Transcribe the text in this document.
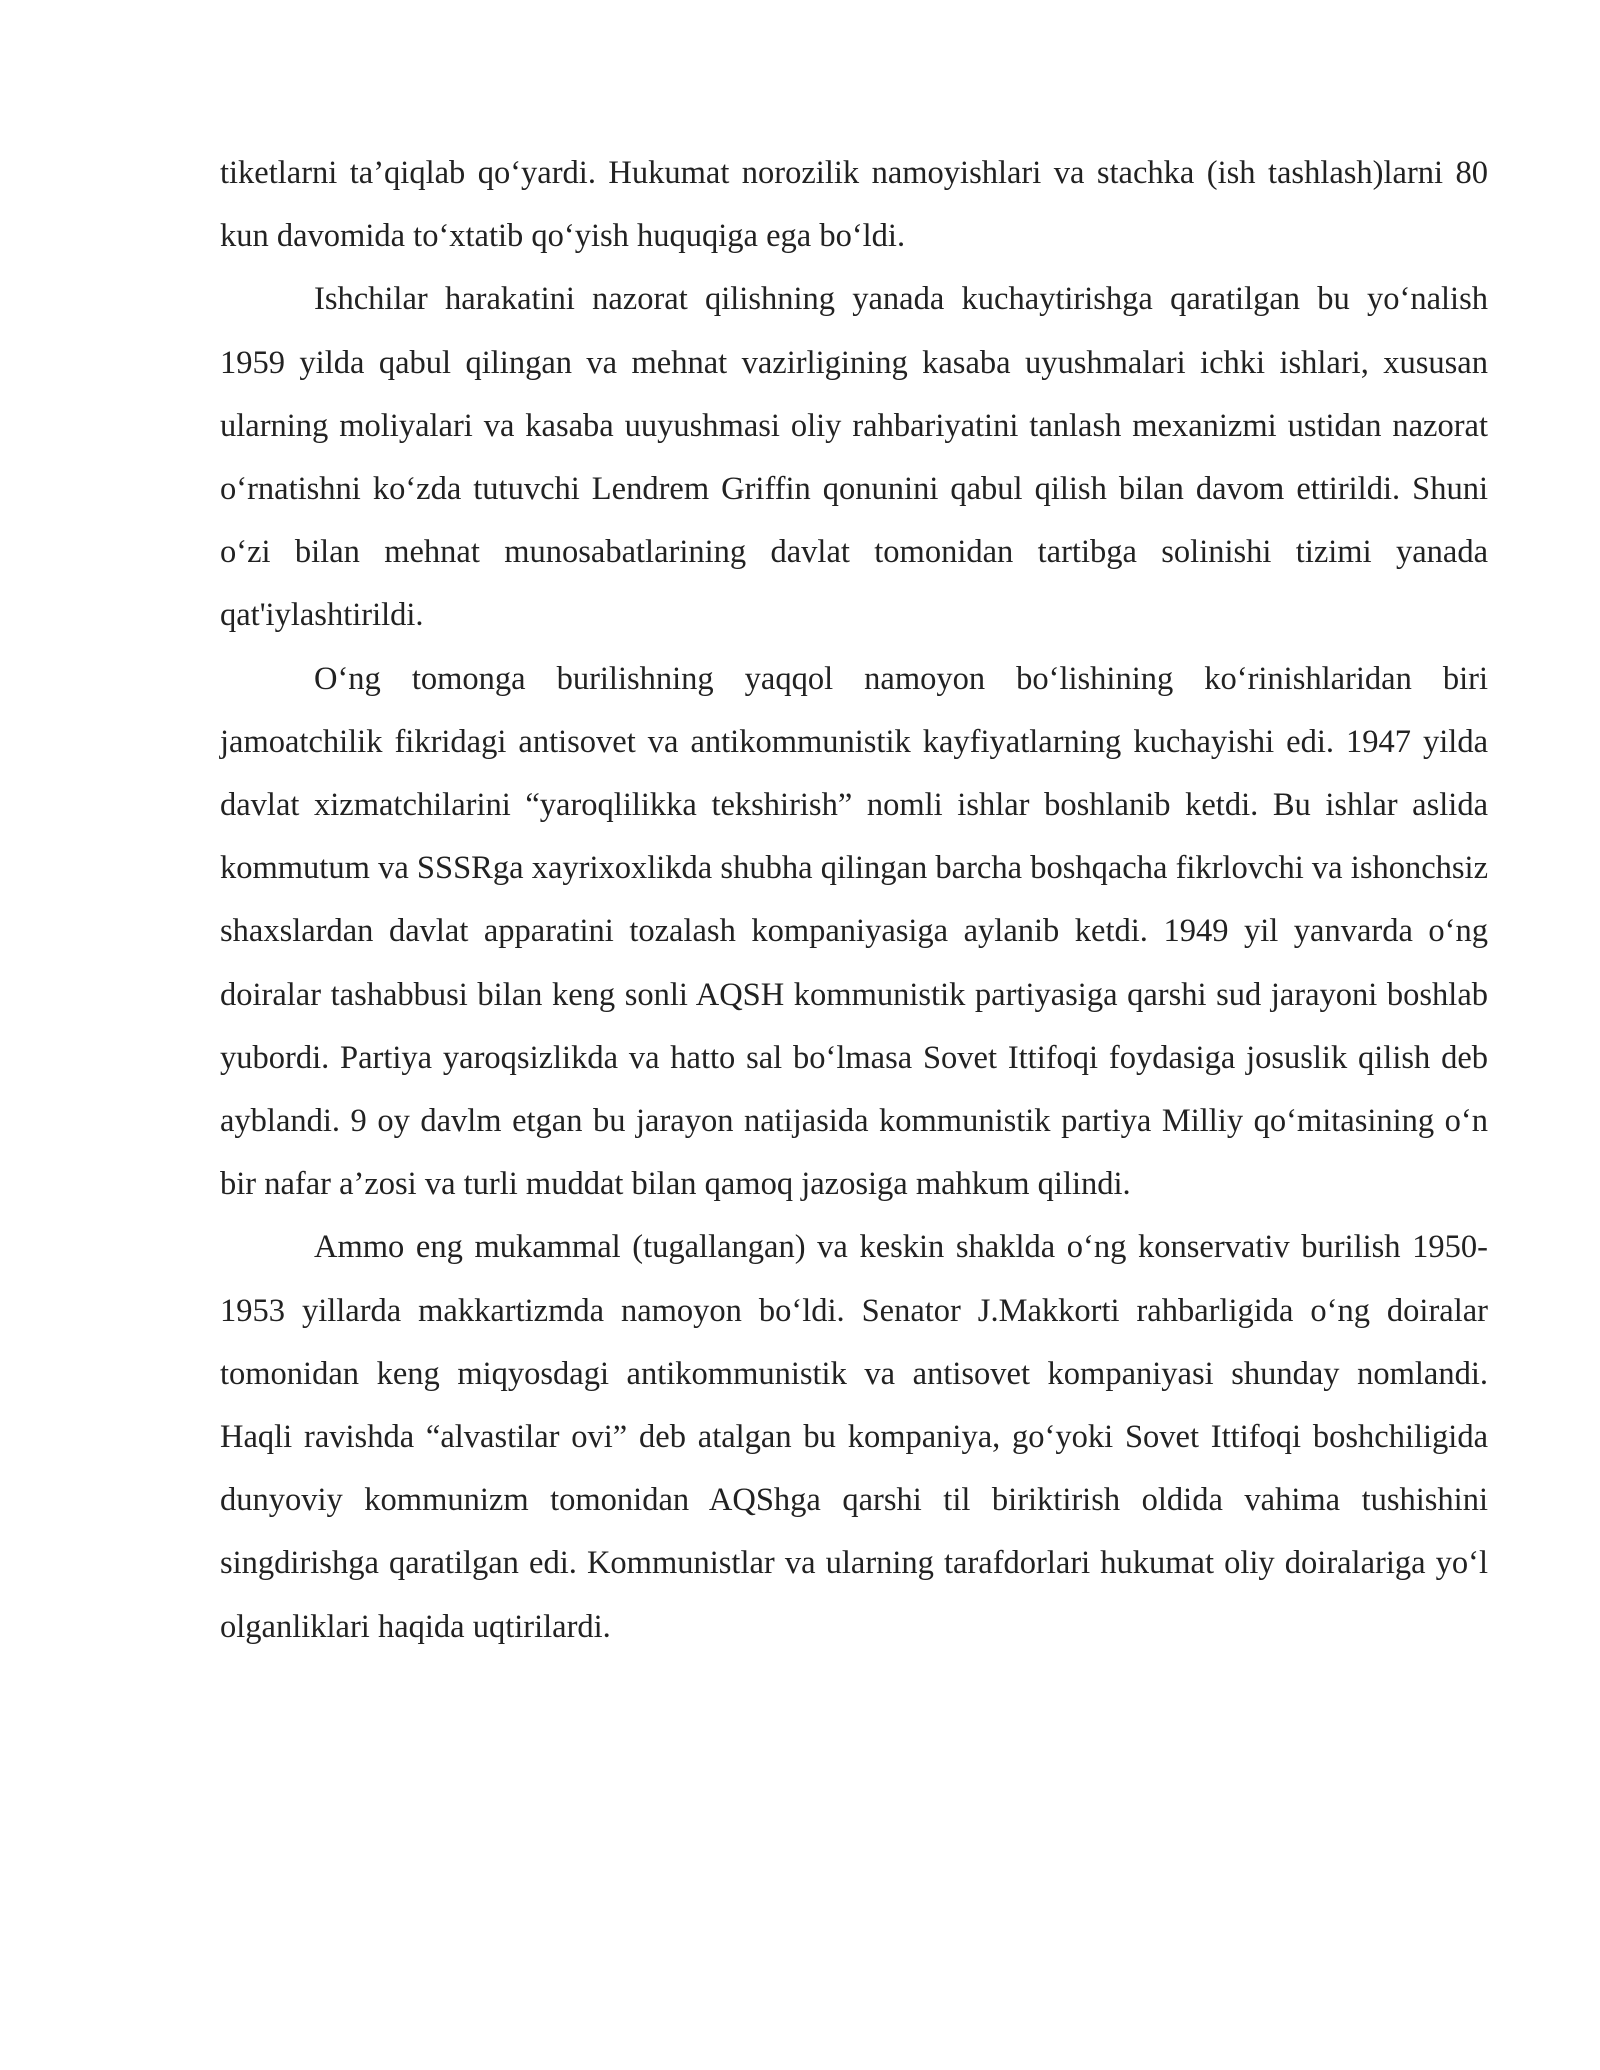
tiketlarni ta’qiqlab qo‘yardi. Hukumat norozilik namoyishlari va stachka (ish tashlash)larni 80 kun davomida to‘xtatib qo‘yish huquqiga ega bo‘ldi.

Ishchilar harakatini nazorat qilishning yanada kuchaytirishga qaratilgan bu yo‘nalish 1959 yilda qabul qilingan va mehnat vazirligining kasaba uyushmalari ichki ishlari, xususan ularning moliyalari va kasaba uuyushmasi oliy rahbariyatini tanlash mexanizmi ustidan nazorat o‘rnatishni ko‘zda tutuvchi Lendrem Griffin qonunini qabul qilish bilan davom ettirildi. Shuni o‘zi bilan mehnat munosabatlarining davlat tomonidan tartibga solinishi tizimi yanada qat'iylashtirildi.

O‘ng tomonga burilishning yaqqol namoyon bo‘lishining ko‘rinishlaridan biri jamoatchilik fikridagi antisovet va antikommunistik kayfiyatlarning kuchayishi edi. 1947 yilda davlat xizmatchilarini “yaroqlilikka tekshirish” nomli ishlar boshlanib ketdi. Bu ishlar aslida kommutum va SSSRga xayrixoxlikda shubha qilingan barcha boshqacha fikrlovchi va ishonchsiz shaxslardan davlat apparatini tozalash kompaniyasiga aylanib ketdi. 1949 yil yanvarda o‘ng doiralar tashabbusi bilan keng sonli AQSH kommunistik partiyasiga qarshi sud jarayoni boshlab yubordi. Partiya yaroqsizlikda va hatto sal bo‘lmasa Sovet Ittifoqi foydasiga josuslik qilish deb ayblandi. 9 oy davlm etgan bu jarayon natijasida kommunistik partiya Milliy qo‘mitasining o‘n bir nafar a’zosi va turli muddat bilan qamoq jazosiga mahkum qilindi.

Ammo eng mukammal (tugallangan) va keskin shaklda o‘ng konservativ burilish 1950-1953 yillarda makkartizmda namoyon bo‘ldi. Senator J.Makkorti rahbarligida o‘ng doiralar tomonidan keng miqyosdagi antikommunistik va antisovet kompaniyasi shunday nomlandi. Haqli ravishda “alvastilar ovi” deb atalgan bu kompaniya, go‘yoki Sovet Ittifoqi boshchiligida dunyoviy kommunizm tomonidan AQShga qarshi til biriktirish oldida vahima tushishini singdirishga qaratilgan edi. Kommunistlar va ularning tarafdorlari hukumat oliy doiralariga yo‘l olganliklari haqida uqtirilardi.
